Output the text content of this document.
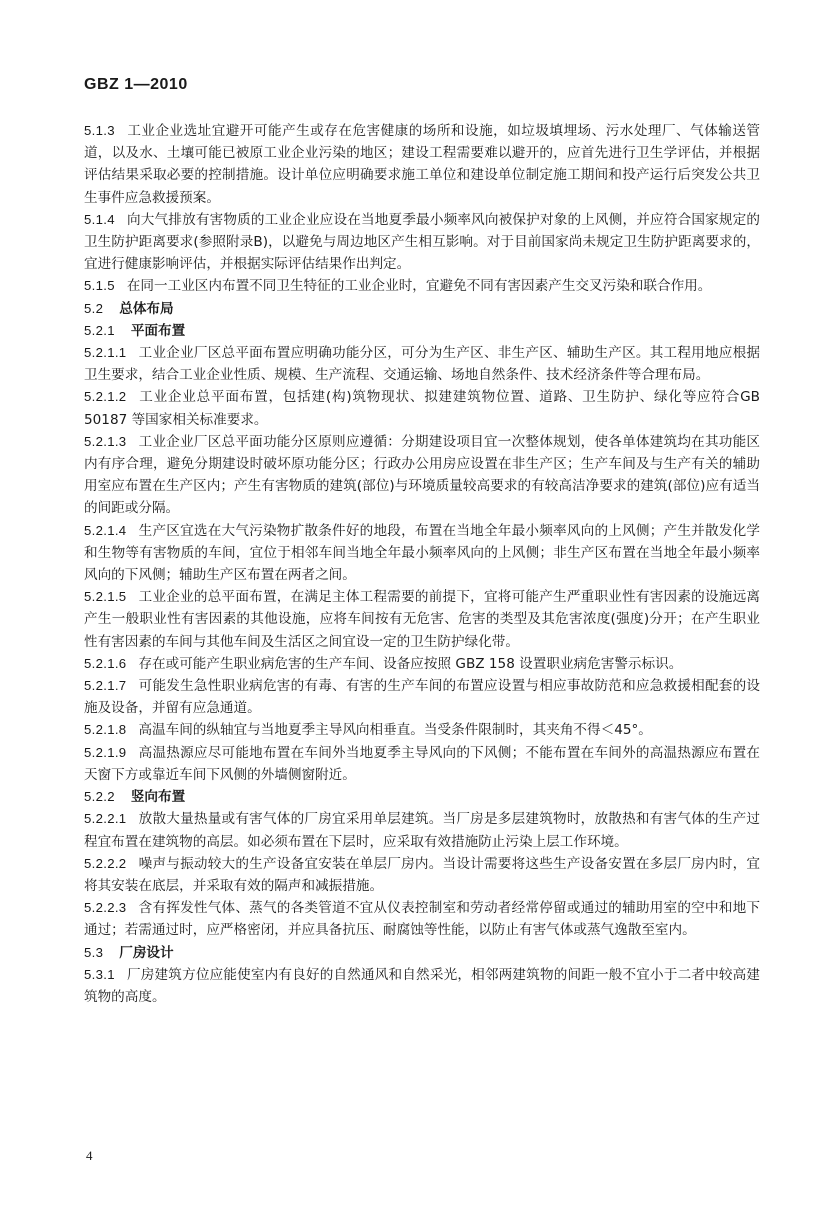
GBZ 1—2010

5.1.3 工业企业选址宜避开可能产生或存在危害健康的场所和设施，如垃圾填埋场、污水处理厂、气体输送管道，以及水、土壤可能已被原工业企业污染的地区；建设工程需要难以避开的，应首先进行卫生学评估，并根据评估结果采取必要的控制措施。设计单位应明确要求施工单位和建设单位制定施工期间和投产运行后突发公共卫生事件应急救援预案。

5.1.4 向大气排放有害物质的工业企业应设在当地夏季最小频率风向被保护对象的上风侧，并应符合国家规定的卫生防护距离要求(参照附录B)，以避免与周边地区产生相互影响。对于目前国家尚未规定卫生防护距离要求的，宜进行健康影响评估，并根据实际评估结果作出判定。

5.1.5 在同一工业区内布置不同卫生特征的工业企业时，宜避免不同有害因素产生交叉污染和联合作用。

5.2 总体布局

5.2.1 平面布置

5.2.1.1 工业企业厂区总平面布置应明确功能分区，可分为生产区、非生产区、辅助生产区。其工程用地应根据卫生要求，结合工业企业性质、规模、生产流程、交通运输、场地自然条件、技术经济条件等合理布局。

5.2.1.2 工业企业总平面布置，包括建(构)筑物现状、拟建建筑物位置、道路、卫生防护、绿化等应符合GB 50187 等国家相关标准要求。

5.2.1.3 工业企业厂区总平面功能分区原则应遵循：分期建设项目宜一次整体规划，使各单体建筑均在其功能区内有序合理，避免分期建设时破坏原功能分区；行政办公用房应设置在非生产区；生产车间及与生产有关的辅助用室应布置在生产区内；产生有害物质的建筑(部位)与环境质量较高要求的有较高洁净要求的建筑(部位)应有适当的间距或分隔。

5.2.1.4 生产区宜选在大气污染物扩散条件好的地段，布置在当地全年最小频率风向的上风侧；产生并散发化学和生物等有害物质的车间，宜位于相邻车间当地全年最小频率风向的上风侧；非生产区布置在当地全年最小频率风向的下风侧；辅助生产区布置在两者之间。

5.2.1.5 工业企业的总平面布置，在满足主体工程需要的前提下，宜将可能产生严重职业性有害因素的设施远离产生一般职业性有害因素的其他设施，应将车间按有无危害、危害的类型及其危害浓度(强度)分开；在产生职业性有害因素的车间与其他车间及生活区之间宜设一定的卫生防护绿化带。

5.2.1.6 存在或可能产生职业病危害的生产车间、设备应按照 GBZ 158 设置职业病危害警示标识。

5.2.1.7 可能发生急性职业病危害的有毒、有害的生产车间的布置应设置与相应事故防范和应急救援相配套的设施及设备，并留有应急通道。

5.2.1.8 高温车间的纵轴宜与当地夏季主导风向相垂直。当受条件限制时，其夹角不得＜45°。

5.2.1.9 高温热源应尽可能地布置在车间外当地夏季主导风向的下风侧；不能布置在车间外的高温热源应布置在天窗下方或靠近车间下风侧的外墙侧窗附近。

5.2.2 竖向布置

5.2.2.1 放散大量热量或有害气体的厂房宜采用单层建筑。当厂房是多层建筑物时，放散热和有害气体的生产过程宜布置在建筑物的高层。如必须布置在下层时，应采取有效措施防止污染上层工作环境。

5.2.2.2 噪声与振动较大的生产设备宜安装在单层厂房内。当设计需要将这些生产设备安置在多层厂房内时，宜将其安装在底层，并采取有效的隔声和减振措施。

5.2.2.3 含有挥发性气体、蒸气的各类管道不宜从仪表控制室和劳动者经常停留或通过的辅助用室的空中和地下通过；若需通过时，应严格密闭，并应具备抗压、耐腐蚀等性能，以防止有害气体或蒸气逸散至室内。

5.3 厂房设计

5.3.1 厂房建筑方位应能使室内有良好的自然通风和自然采光，相邻两建筑物的间距一般不宜小于二者中较高建筑物的高度。

4
